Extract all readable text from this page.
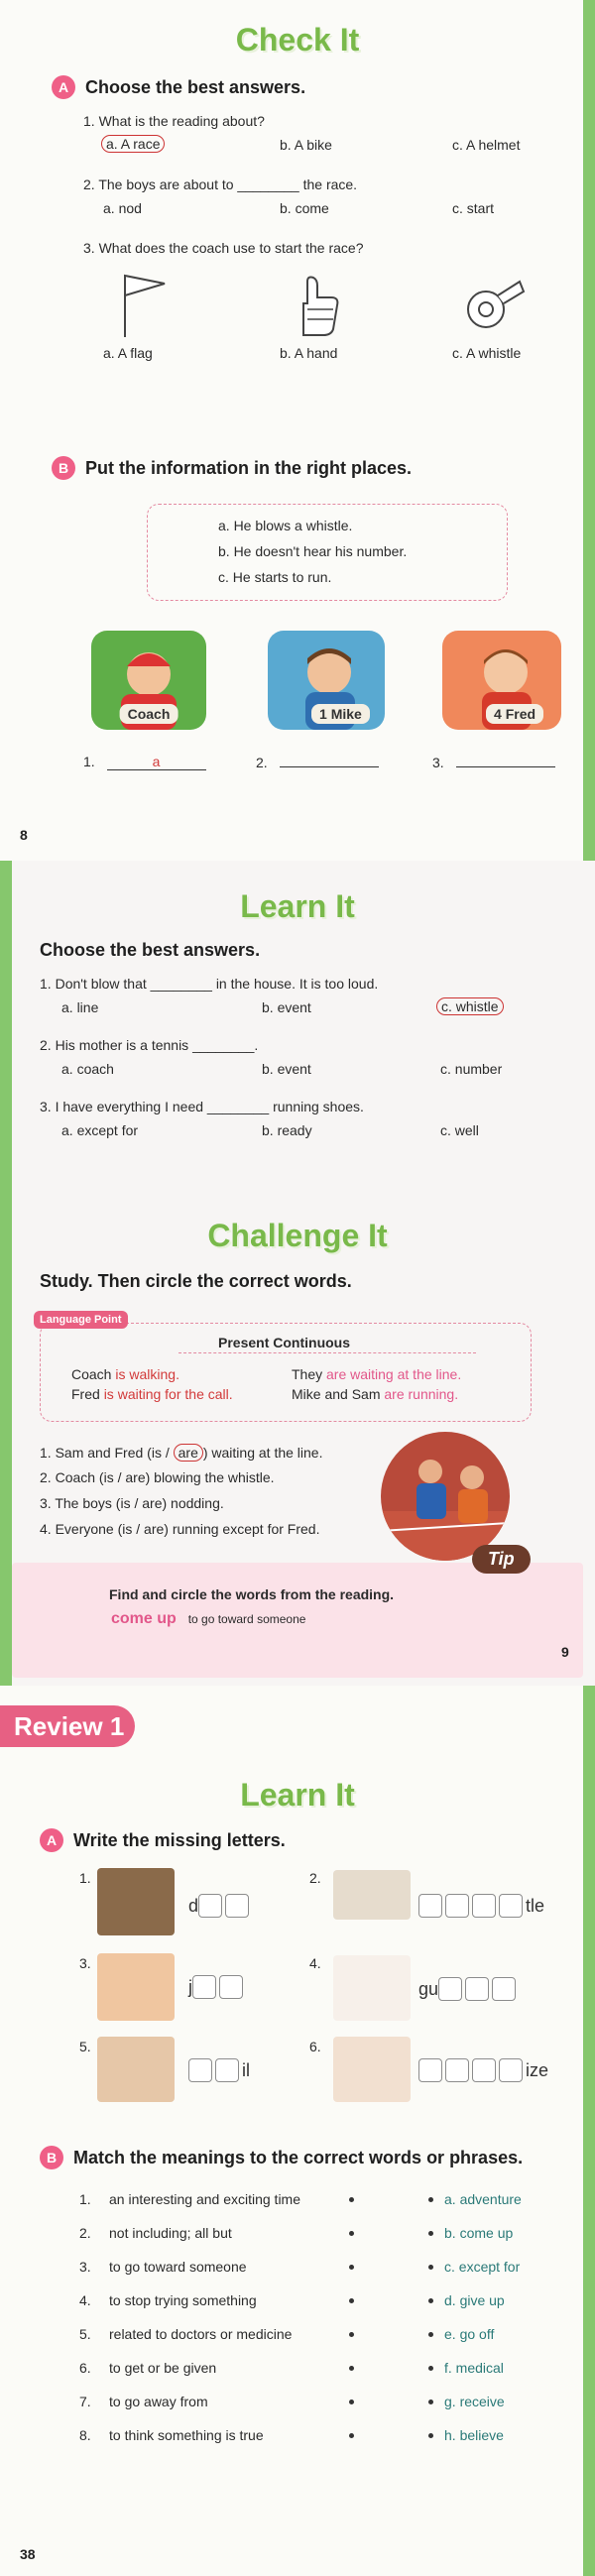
Check It
A Choose the best answers.
1. What is the reading about?
a. A race	b. A bike	c. A helmet
2. The boys are about to ________ the race.
a. nod	b. come	c. start
3. What does the coach use to start the race?
a. A flag	b. A hand	c. A whistle
B Put the information in the right places.
a. He blows a whistle.
b. He doesn't hear his number.
c. He starts to run.
Coach	1 Mike	4 Fred
1.	a	2.	3.
8
Learn It
Choose the best answers.
1. Don't blow that ________ in the house. It is too loud.
a. line	b. event	c. whistle
2. His mother is a tennis ________.
a. coach	b. event	c. number
3. I have everything I need ________ running shoes.
a. except for	b. ready	c. well
Challenge It
Study. Then circle the correct words.
Language Point
Present Continuous
Coach is walking.
Fred is waiting for the call.
They are waiting at the line.
Mike and Sam are running.
1. Sam and Fred (is / are ) waiting at the line.
2. Coach (is / are) blowing the whistle.
3. The boys (is / are) nodding.
4. Everyone (is / are) running except for Fred.
Tip
Find and circle the words from the reading.
come up to go toward someone
9
Review 1
Learn It
A Write the missing letters.
1.
d
2.
tle
3.
j
4.
gu
5.
il
6.
ize
B Match the meanings to the correct words or phrases.
1. an interesting and exciting time	a. adventure
2. not including; all but	b. come up
3. to go toward someone	c. except for
4. to stop trying something	d. give up
5. related to doctors or medicine	e. go off
6. to get or be given	f. medical
7. to go away from	g. receive
8. to think something is true	h. believe
38
